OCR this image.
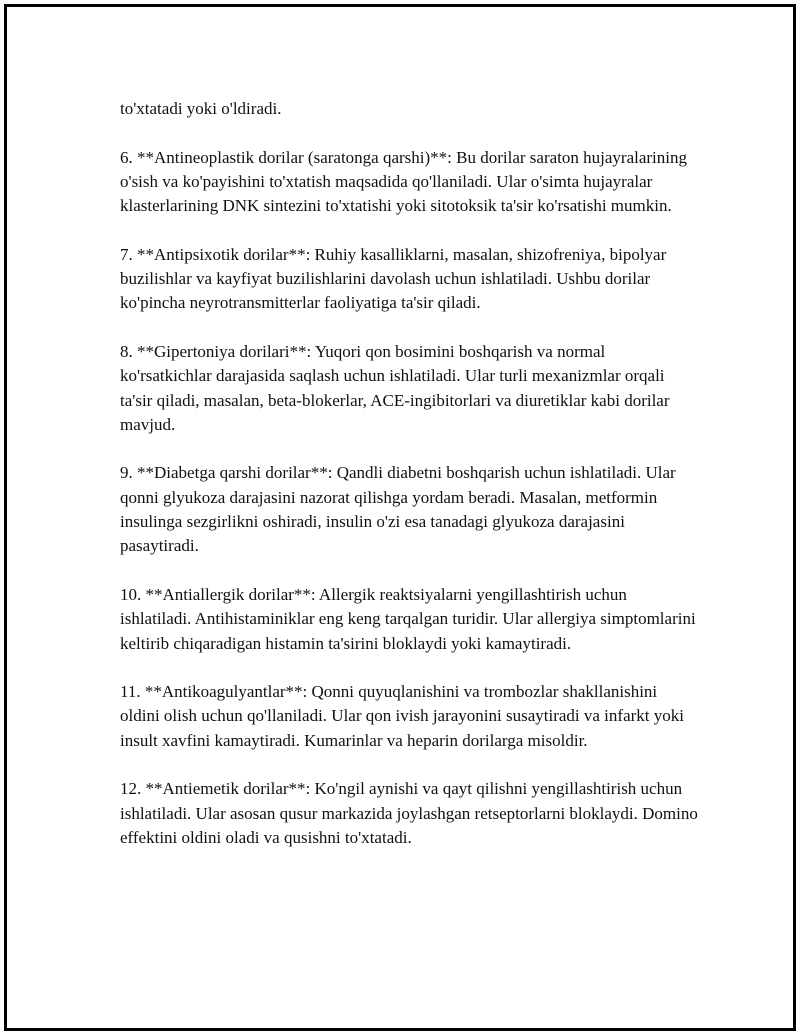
to'xtatadi yoki o'ldiradi.

6. **Antineoplastik dorilar (saratonga qarshi)**: Bu dorilar saraton hujayralarining o'sish va ko'payishini to'xtatish maqsadida qo'llaniladi. Ular o'simta hujayralar klasterlarining DNK sintezini to'xtatishi yoki sitotoksik ta'sir ko'rsatishi mumkin.

7. **Antipsixotik dorilar**: Ruhiy kasalliklarni, masalan, shizofreniya, bipolyar buzilishlar va kayfiyat buzilishlarini davolash uchun ishlatiladi. Ushbu dorilar ko'pincha neyrotransmitterlar faoliyatiga ta'sir qiladi.

8. **Gipertoniya dorilari**: Yuqori qon bosimini boshqarish va normal ko'rsatkichlar darajasida saqlash uchun ishlatiladi. Ular turli mexanizmlar orqali ta'sir qiladi, masalan, beta-blokerlar, ACE-ingibitorlari va diuretiklar kabi dorilar mavjud.

9. **Diabetga qarshi dorilar**: Qandli diabetni boshqarish uchun ishlatiladi. Ular qonni glyukoza darajasini nazorat qilishga yordam beradi. Masalan, metformin insulinga sezgirlikni oshiradi, insulin o'zi esa tanadagi glyukoza darajasini pasaytiradi.

10. **Antiallergik dorilar**: Allergik reaktsiyalarni yengillashtirish uchun ishlatiladi. Antihistaminiklar eng keng tarqalgan turidir. Ular allergiya simptomlarini keltirib chiqaradigan histamin ta'sirini bloklaydi yoki kamaytiradi.

11. **Antikoagulyantlar**: Qonni quyuqlanishini va trombozlar shakllanishini oldini olish uchun qo'llaniladi. Ular qon ivish jarayonini susaytiradi va infarkt yoki insult xavfini kamaytiradi. Kumarinlar va heparin dorilarga misoldir.

12. **Antiemetik dorilar**: Ko'ngil aynishi va qayt qilishni yengillashtirish uchun ishlatiladi. Ular asosan qusur markazida joylashgan retseptorlarni bloklaydi. Domino effektini oldini oladi va qusishni to'xtatadi.
